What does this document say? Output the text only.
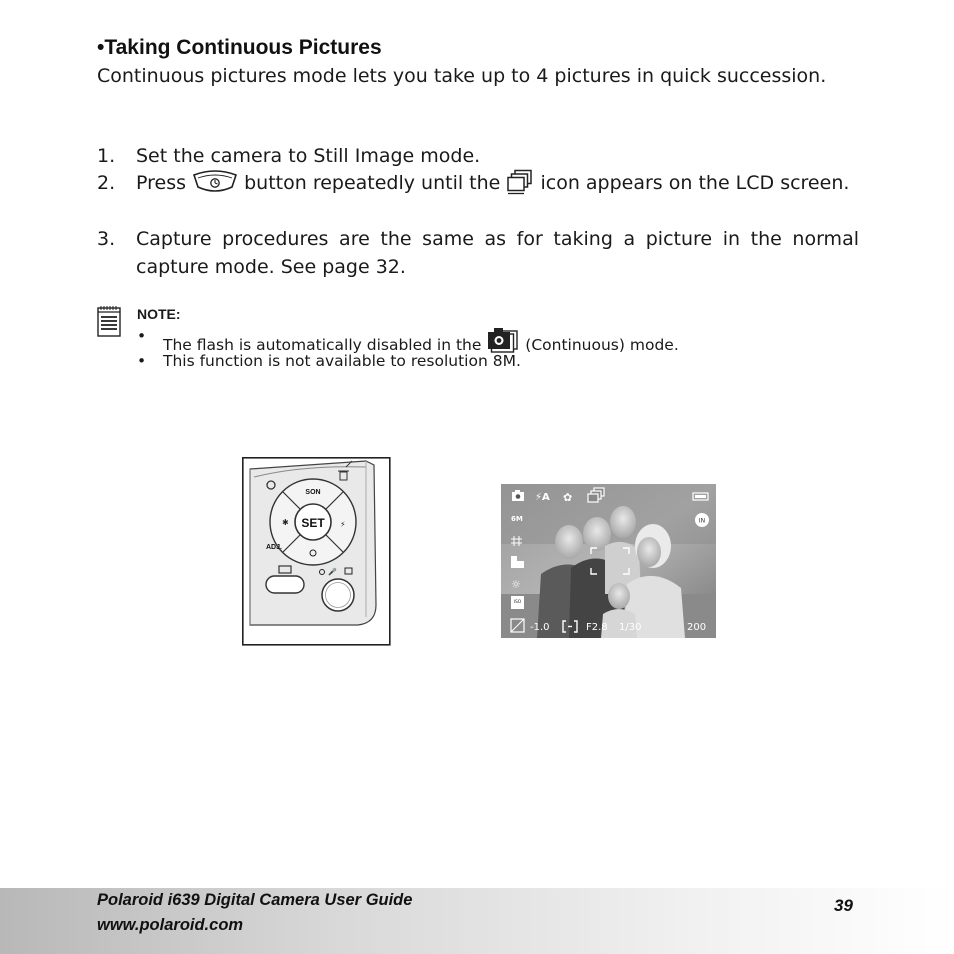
•Taking Continuous Pictures
Continuous pictures mode lets you take up to 4 pictures in quick succession.
1. Set the camera to Still Image mode.
2. Press	button repeatedly until the icon appears on the LCD screen.
3. Capture procedures are the same as for taking a picture in the normal capture mode. See page 32.
NOTE:
• The flash is automatically disabled in the	(Continuous) mode.
• This function is not available to resolution 8M.
SET
SON
ADJ.
✱	⚡
🎤
⚡A ✿
6M
☼
ISO
IN
-1.0	F2.8 1/30	200
Polaroid i639 Digital Camera User Guide
www.polaroid.com
39
